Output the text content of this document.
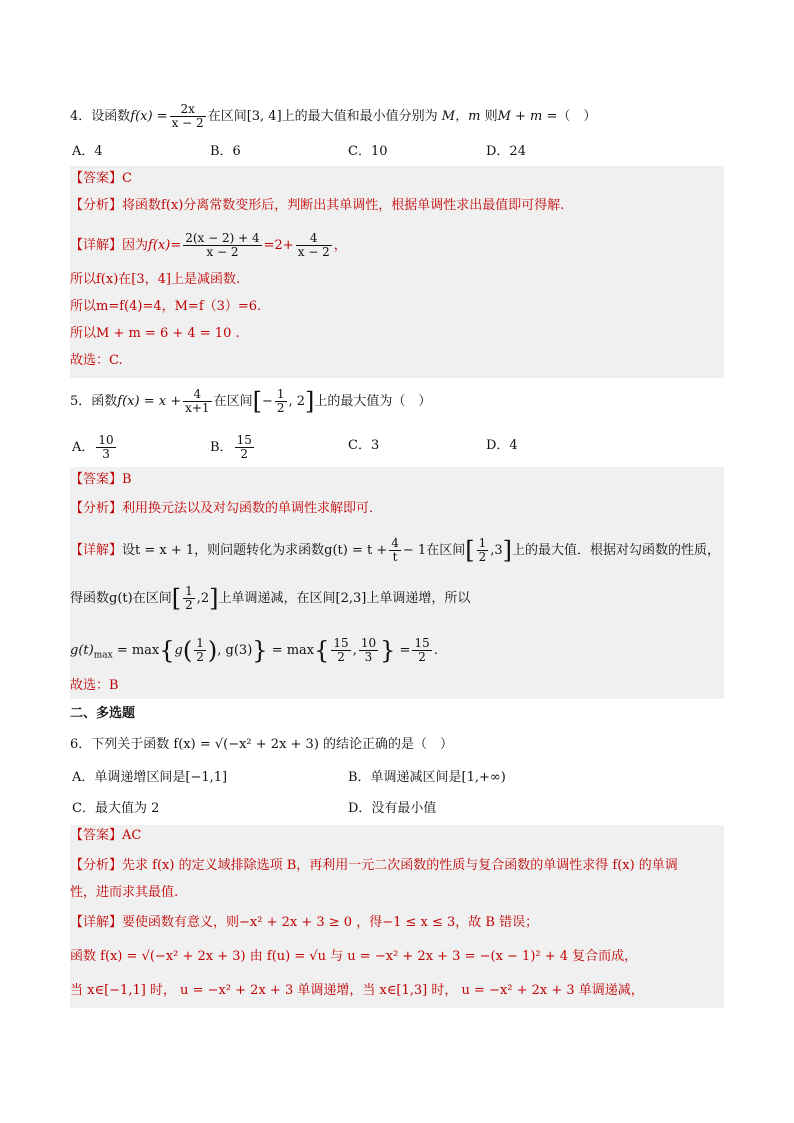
4．设函数$f(x) = \frac{2x}{x - 2}$ 在区间[3, 4]上的最大值和最小值分别为 M，m 则M + m =（　）
A．4	B．6	C．10	D．24
【答案】C
【分析】将函数f(x)分离常数变形后，判断出其单调性，根据单调性求出最值即可得解.
【详解】因为$f(x)= \frac{2(x - 2) + 4}{x - 2} =2+ \frac{4}{x - 2}$ ，
所以f(x)在[3，4]上是减函数.
所以m=f(4)=4，M=f（3）=6.
所以M + m = 6 + 4 = 10 .
故选：C.
5．函数$f(x) = x + \frac{4}{x+1}$ 在区间[− $\frac{1}{2}$ , 2]上的最大值为（　）
A． $\frac{10}{3}$	B． $\frac{15}{2}$	C．3	D．4
【答案】B
【分析】利用换元法以及对勾函数的单调性求解即可．
【详解】设t = x + 1，则问题转化为求函数$g(t) = t + \frac{4}{t} - 1$在区间[ $\frac{1}{2} ,3$]上的最大值．根据对勾函数的性质，
得函数g(t)在区间[ $\frac{1}{2} ,2$]上单调递减，在区间[2,3]上单调递增，所以
$g(t)_{max} = \max\{g( \frac{1}{2}$ ), $g(3)\} = \max\{ \frac{15}{2}$ , $\frac{10}{3}$ } = $\frac{15}{2}$ .
故选：B
二、多选题
6．下列关于函数 f(x) = √(−x² + 2x + 3) 的结论正确的是（　）
A．单调递增区间是[−1,1]	B．单调递减区间是[1,+∞)
C．最大值为 2	D．没有最小值
【答案】AC
【分析】先求 f(x) 的定义域排除选项 B，再利用一元二次函数的性质与复合函数的单调性求得 f(x) 的单调
性，进而求其最值.
【详解】要使函数有意义，则−x² + 2x + 3 ≥ 0 ，得−1 ≤ x ≤ 3，故 B 错误；
函数 f(x) = √(−x² + 2x + 3) 由 f(u) = √u 与 u = −x² + 2x + 3 = −(x − 1)² + 4 复合而成，
当 x∈[−1,1] 时， u = −x² + 2x + 3 单调递增，当 x∈[1,3] 时， u = −x² + 2x + 3 单调递减，
